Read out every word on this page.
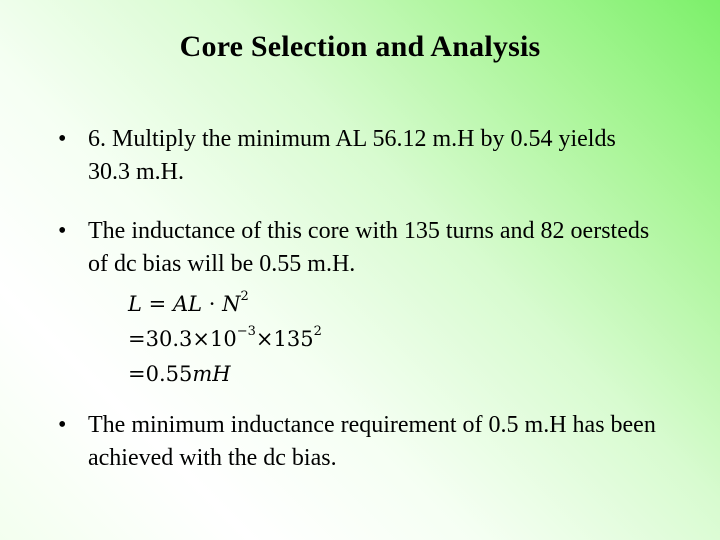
Core Selection and Analysis
• 6. Multiply the minimum AL 56.12 m.H by 0.54 yields 30.3 m.H.
• The inductance of this core with 135 turns and 82 oersteds of dc bias will be 0.55 m.H.
L = AL · $N^2$
$=30.3\times 10^{-3}\times 135^2$
=0.55mH
• The minimum inductance requirement of 0.5 m.H has been achieved with the dc bias.
